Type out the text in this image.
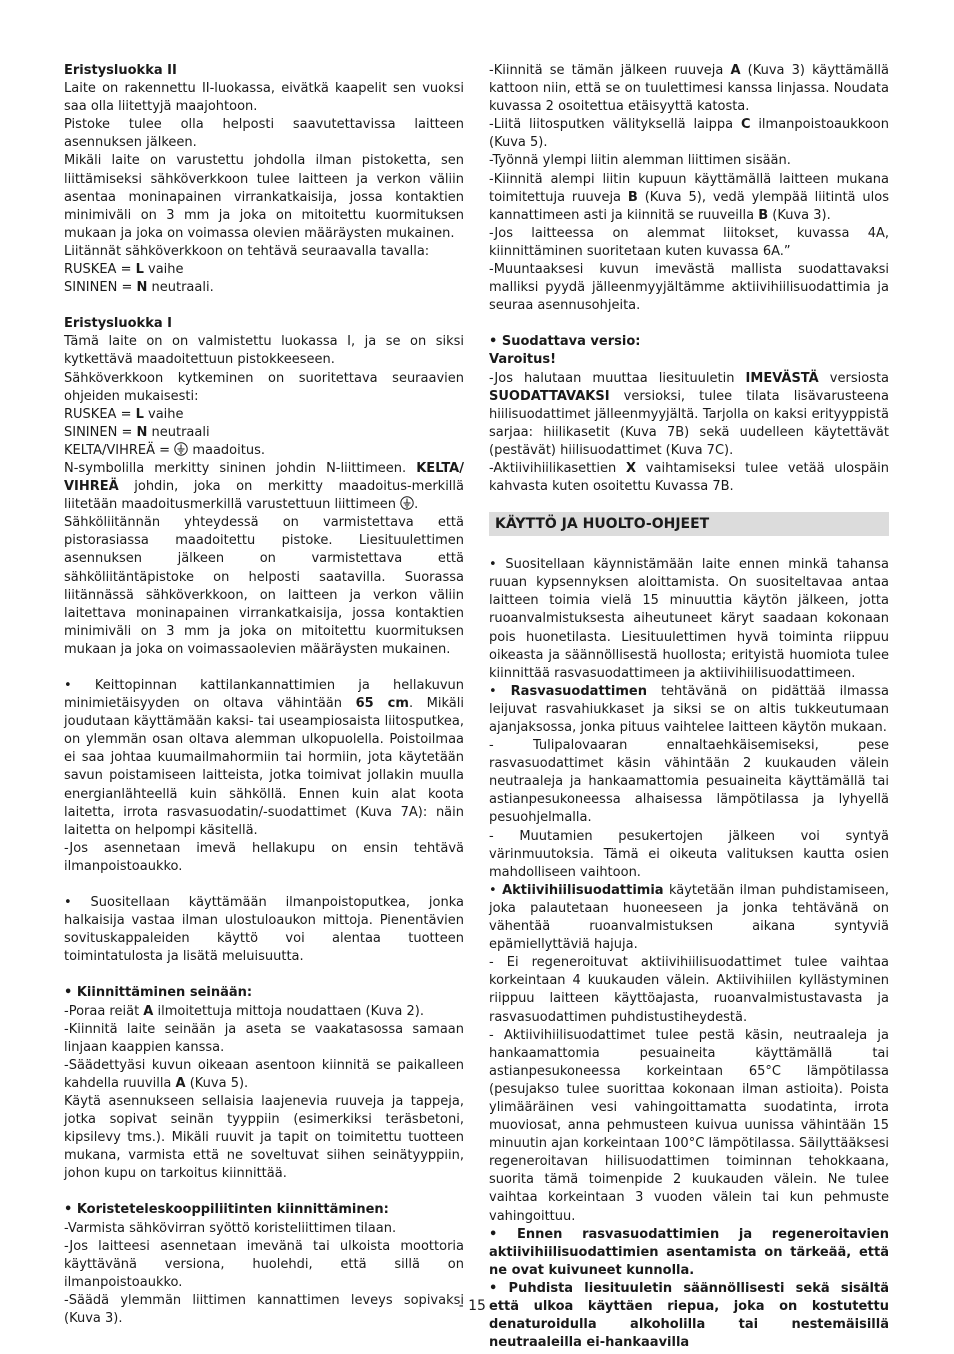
Eristysluokka II

Laite on rakennettu II-luokassa, eivätkä kaapelit sen vuoksi saa olla liitettyjä maajohtoon.

Pistoke tulee olla helposti saavutettavissa laitteen asennuksen jälkeen.

Mikäli laite on varustettu johdolla ilman pistoketta, sen liittämiseksi sähköverkkoon tulee laitteen ja verkon väliin asentaa moninapainen virrankatkaisija, jossa kontaktien minimiväli on 3 mm ja joka on mitoitettu kuormituksen mukaan ja joka on voimassa olevien määräysten mukainen.

Liitännät sähköverkkoon on tehtävä seuraavalla tavalla:

RUSKEA = L vaihe

SININEN = N neutraali.

Eristysluokka I

Tämä laite on on valmistettu luokassa I, ja se on siksi kytkettävä maadoitettuun pistokkeeseen.

Sähköverkkoon kytkeminen on suoritettava seuraavien ohjeiden mukaisesti:

RUSKEA = L vaihe

SININEN = N neutraali

KELTA/VIHREÄ =  maadoitus.

N-symbolilla merkitty sininen johdin N-liittimeen. KELTA/ VIHREÄ johdin, joka on merkitty maadoitus-merkillä liitetään maadoitusmerkillä varustettuun liittimeen .

Sähköliitännän yhteydessä on varmistettava että pistorasiassa maadoitettu pistoke. Liesituulettimen asennuksen jälkeen on varmistettava että sähköliitäntäpistoke on helposti saatavilla. Suorassa liitännässä sähköverkkoon, on laitteen ja verkon väliin laitettava moninapainen virrankatkaisija, jossa kontaktien minimiväli on 3 mm ja joka on mitoitettu kuormituksen mukaan ja joka on voimassaolevien määräysten mukainen.

• Keittopinnan kattilankannattimien ja hellakuvun minimietäisyyden on oltava vähintään 65 cm. Mikäli joudutaan käyttämään kaksi- tai useampiosaista liitosputkea, on ylemmän osan oltava alemman ulkopuolella. Poistoilmaa ei saa johtaa kuumailmahormiin tai hormiin, jota käytetään savun poistamiseen laitteista, jotka toimivat jollakin muulla energianlähteellä kuin sähköllä. Ennen kuin alat koota laitetta, irrota rasvasuodatin/-suodattimet (Kuva 7A): näin laitetta on helpompi käsitellä.

-Jos asennetaan imevä hellakupu on ensin tehtävä ilmanpoistoaukko.

• Suositellaan käyttämään ilmanpoistoputkea, jonka halkaisija vastaa ilman ulostuloaukon mittoja. Pienentävien sovituskappaleiden käyttö voi alentaa tuotteen toimintatulosta ja lisätä meluisuutta.

• Kiinnittäminen seinään:

-Poraa reiät A ilmoitettuja mittoja noudattaen (Kuva 2).

-Kiinnitä laite seinään ja aseta se vaakatasossa samaan linjaan kaappien kanssa.

-Säädettyäsi kuvun oikeaan asentoon kiinnitä se paikalleen kahdella ruuvilla A (Kuva 5).

Käytä asennukseen sellaisia laajenevia ruuveja ja tappeja, jotka sopivat seinän tyyppiin (esimerkiksi teräsbetoni, kipsilevy tms.). Mikäli ruuvit ja tapit on toimitettu tuotteen mukana, varmista että ne soveltuvat siihen seinätyyppiin, johon kupu on tarkoitus kiinnittää.

• Koristeteleskooppiliitinten kiinnittäminen:

-Varmista sähkövirran syöttö koristeliittimen tilaan.

-Jos laitteesi asennetaan imevänä tai ulkoista moottoria käyttävänä versiona, huolehdi, että sillä on ilmanpoistoaukko.

-Säädä ylemmän liittimen kannattimen leveys sopivaksi (Kuva 3).

-Kiinnitä se tämän jälkeen ruuveja A (Kuva 3) käyttämällä kattoon niin, että se on tuulettimesi kanssa linjassa. Noudata kuvassa 2 osoitettua etäisyyttä katosta.

-Liitä liitosputken välityksellä laippa C ilmanpoistoaukkoon (Kuva 5).

-Työnnä ylempi liitin alemman liittimen sisään.

-Kiinnitä alempi liitin kupuun käyttämällä laitteen mukana toimitettuja ruuveja B (Kuva 5), vedä ylempää liitintä ulos kannattimeen asti ja kiinnitä se ruuveilla B (Kuva 3).

-Jos laitteessa on alemmat liitokset, kuvassa 4A, kiinnittäminen suoritetaan kuten kuvassa 6A.”

-Muuntaaksesi kuvun imevästä mallista suodattavaksi malliksi pyydä jälleenmyyjältämme aktiivihiilisuodattimia ja seuraa asennusohjeita.

• Suodattava versio:

Varoitus!

-Jos halutaan muuttaa liesituuletin IMEVÄSTÄ versiosta SUODATTAVAKSI versioksi, tulee tilata lisävarusteena hiilisuodattimet jälleenmyyjältä. Tarjolla on kaksi erityyppistä sarjaa: hiilikasetit (Kuva 7B) sekä uudelleen käytettävät (pestävät) hiilisuodattimet (Kuva 7C).

-Aktiivihiilikasettien X vaihtamiseksi tulee vetää ulospäin kahvasta kuten osoitettu Kuvassa 7B.

KÄYTTÖ JA HUOLTO-OHJEET

• Suositellaan käynnistämään laite ennen minkä tahansa ruuan kypsennyksen aloittamista. On suositeltavaa antaa laitteen toimia vielä 15 minuuttia käytön jälkeen, jotta ruoanvalmistuksesta aiheutuneet käryt saadaan kokonaan pois huonetilasta. Liesituulettimen hyvä toiminta riippuu oikeasta ja säännöllisestä huollosta; erityistä huomiota tulee kiinnittää rasvasuodattimeen ja aktiivihiilisuodattimeen.

• Rasvasuodattimen tehtävänä on pidättää ilmassa leijuvat rasvahiukkaset ja siksi se on altis tukkeutumaan ajanjaksossa, jonka pituus vaihtelee laitteen käytön mukaan.

- Tulipalovaaran ennaltaehkäisemiseksi, pese rasvasuodattimet käsin vähintään 2 kuukauden välein neutraaleja ja hankaamattomia pesuaineita käyttämällä tai astianpesukoneessa alhaisessa lämpötilassa ja lyhyellä pesuohjelmalla.

- Muutamien pesukertojen jälkeen voi syntyä värinmuutoksia. Tämä ei oikeuta valituksen kautta osien mahdolliseen vaihtoon.

• Aktiivihiilisuodattimia käytetään ilman puhdistamiseen, joka palautetaan huoneeseen ja jonka tehtävänä on vähentää ruoanvalmistuksen aikana syntyviä epämiellyttäviä hajuja.

- Ei regeneroituvat aktiivihiilisuodattimet tulee vaihtaa korkeintaan 4 kuukauden välein. Aktiivihiilen kyllästyminen riippuu laitteen käyttöajasta, ruoanvalmistustavasta ja rasvasuodattimen puhdistustiheydestä.

- Aktiivihiilisuodattimet tulee pestä käsin, neutraaleja ja hankaamattomia pesuaineita käyttämällä tai astianpesukoneessa korkeintaan 65°C lämpötilassa (pesujakso tulee suorittaa kokonaan ilman astioita). Poista ylimääräinen vesi vahingoittamatta suodatinta, irrota muoviosat, anna pehmusteen kuivua uunissa vähintään 15 minuutin ajan korkeintaan 100°C lämpötilassa. Säilyttääksesi regeneroitavan hiilisuodattimen toiminnan tehokkaana, suorita tämä toimenpide 2 kuukauden välein. Ne tulee vaihtaa korkeintaan 3 vuoden välein tai kun pehmuste vahingoittuu.

• Ennen rasvasuodattimien ja regeneroitavien aktiivihiilisuodattimien asentamista on tärkeää, että ne ovat kuivuneet kunnolla.

• Puhdista liesituuletin säännöllisesti sekä sisältä että ulkoa käyttäen riepua, joka on kostutettu denaturoidulla alkoholilla tai nestemäisillä neutraaleilla ei-hankaavilla

- 15 -
